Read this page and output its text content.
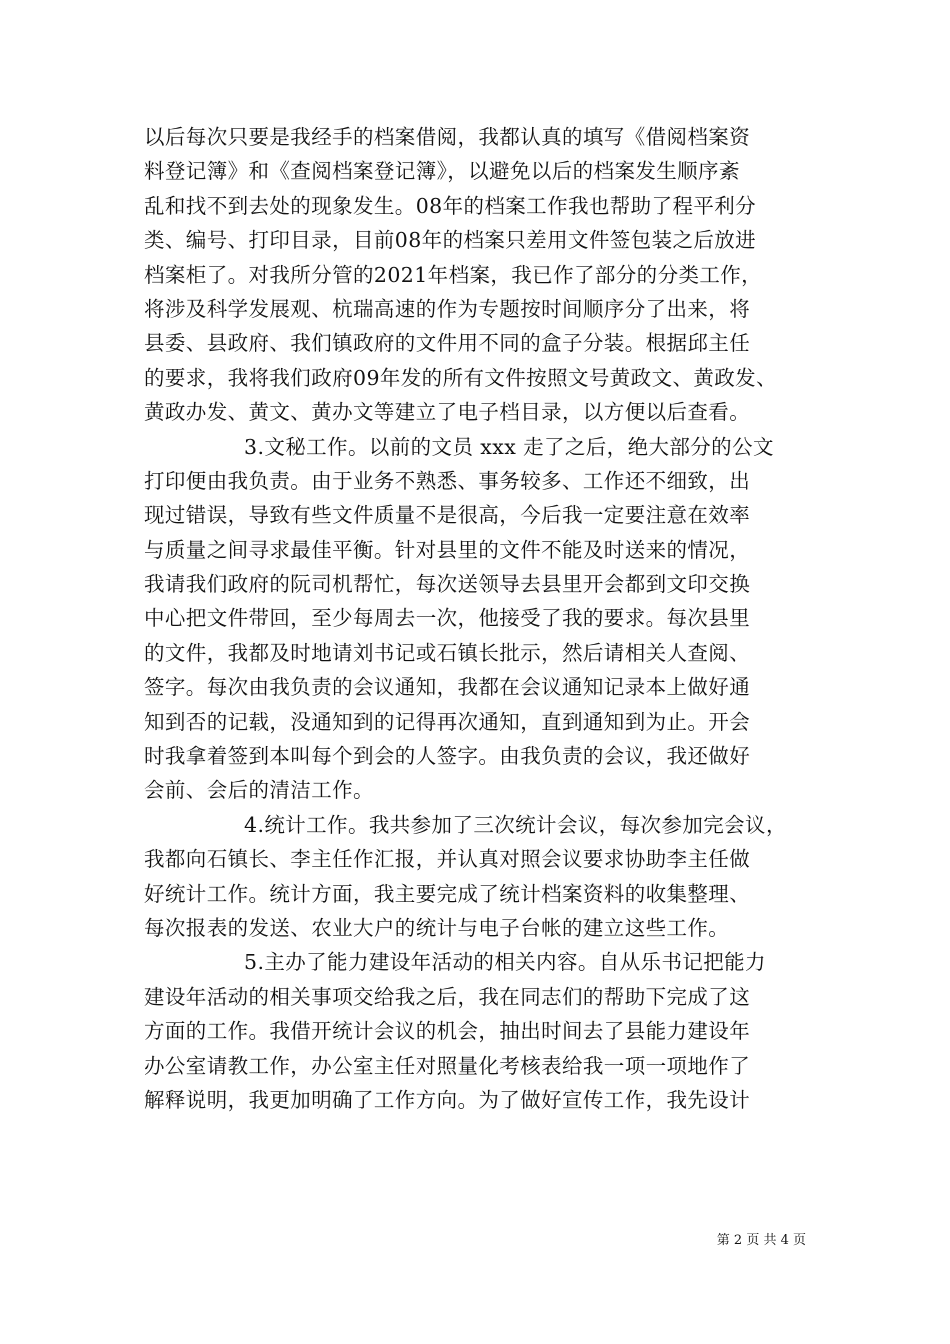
以后每次只要是我经手的档案借阅，我都认真的填写《借阅档案资
料登记簿》和《查阅档案登记簿》，以避免以后的档案发生顺序紊
乱和找不到去处的现象发生。08年的档案工作我也帮助了程平利分
类、编号、打印目录，目前08年的档案只差用文件签包装之后放进
档案柜了。对我所分管的2021年档案，我已作了部分的分类工作，
将涉及科学发展观、杭瑞高速的作为专题按时间顺序分了出来，将
县委、县政府、我们镇政府的文件用不同的盒子分装。根据邱主任
的要求，我将我们政府09年发的所有文件按照文号黄政文、黄政发、
黄政办发、黄文、黄办文等建立了电子档目录，以方便以后查看。
3.文秘工作。以前的文员 xxx 走了之后，绝大部分的公文
打印便由我负责。由于业务不熟悉、事务较多、工作还不细致，出
现过错误，导致有些文件质量不是很高，今后我一定要注意在效率
与质量之间寻求最佳平衡。针对县里的文件不能及时送来的情况，
我请我们政府的阮司机帮忙，每次送领导去县里开会都到文印交换
中心把文件带回，至少每周去一次，他接受了我的要求。每次县里
的文件，我都及时地请刘书记或石镇长批示，然后请相关人查阅、
签字。每次由我负责的会议通知，我都在会议通知记录本上做好通
知到否的记载，没通知到的记得再次通知，直到通知到为止。开会
时我拿着签到本叫每个到会的人签字。由我负责的会议，我还做好
会前、会后的清洁工作。
4.统计工作。我共参加了三次统计会议，每次参加完会议，
我都向石镇长、李主任作汇报，并认真对照会议要求协助李主任做
好统计工作。统计方面，我主要完成了统计档案资料的收集整理、
每次报表的发送、农业大户的统计与电子台帐的建立这些工作。
5.主办了能力建设年活动的相关内容。自从乐书记把能力
建设年活动的相关事项交给我之后，我在同志们的帮助下完成了这
方面的工作。我借开统计会议的机会，抽出时间去了县能力建设年
办公室请教工作，办公室主任对照量化考核表给我一项一项地作了
解释说明，我更加明确了工作方向。为了做好宣传工作，我先设计
第 2 页 共 4 页
